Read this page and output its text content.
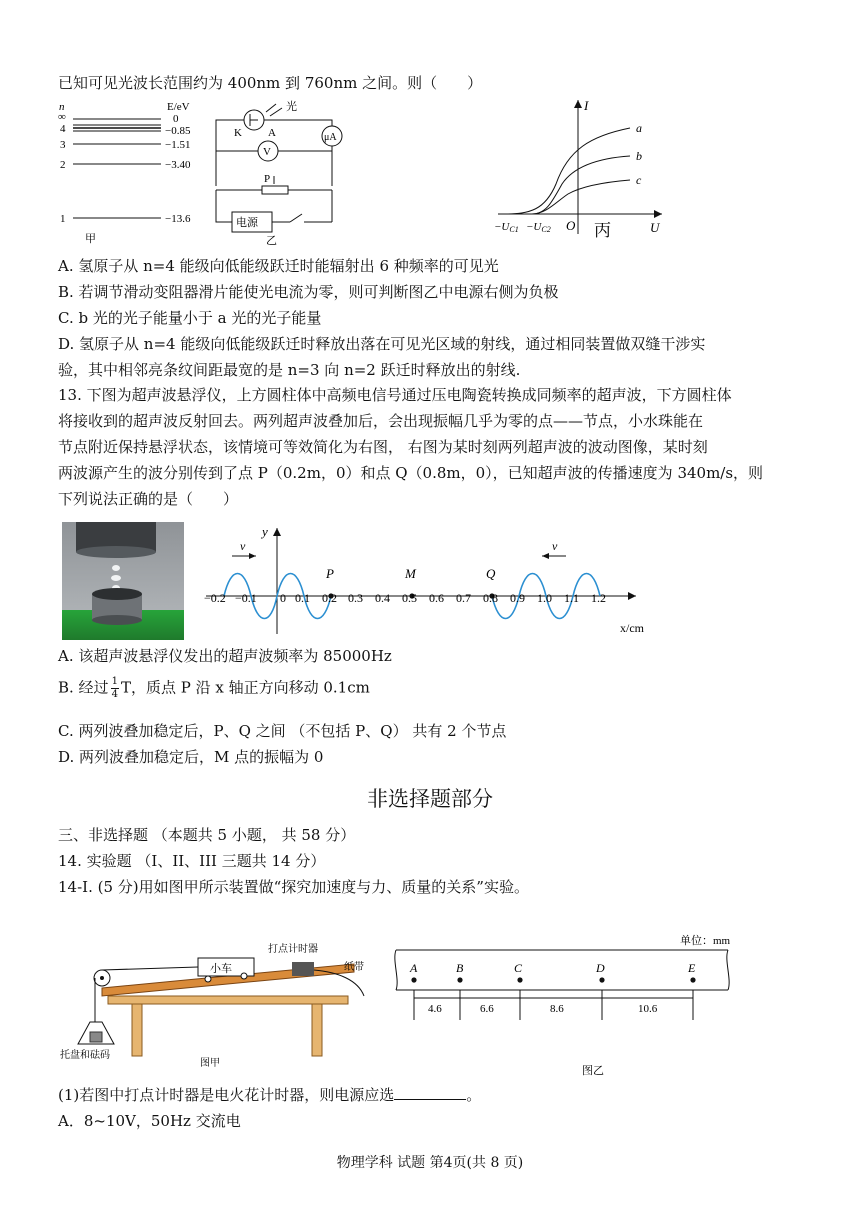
已知可见光波长范围约为 400nm 到 760nm 之间。则（　　）
n	E/eV
∞	0
4	−0.85
3	−1.51
2	−3.40
1	−13.6
甲
光
K A	μA
V
P
电源
乙
I
U
O
a
b
c
−UC1 −UC2	丙
A. 氢原子从 n=4 能级向低能级跃迁时能辐射出 6 种频率的可见光
B. 若调节滑动变阻器滑片能使光电流为零，则可判断图乙中电源右侧为负极
C. b 光的光子能量小于 a 光的光子能量
D. 氢原子从 n=4 能级向低能级跃迁时释放出落在可见光区域的射线，通过相同装置做双缝干涉实
验，其中相邻亮条纹间距最宽的是 n=3 向 n=2 跃迁时释放出的射线.
13. 下图为超声波悬浮仪，上方圆柱体中高频电信号通过压电陶瓷转换成同频率的超声波，下方圆柱体
将接收到的超声波反射回去。两列超声波叠加后，会出现振幅几乎为零的点——节点，小水珠能在
节点附近保持悬浮状态，该情境可等效简化为右图， 右图为某时刻两列超声波的波动图像，某时刻
两波源产生的波分别传到了点 P（0.2m，0）和点 Q（0.8m，0），已知超声波的传播速度为 340m/s，则
下列说法正确的是（　　）
y
x/cm
v	v
P	M	Q
−0.2 −0.1 0 0.1 0.2 0.3 0.4 0.5 0.6 0.7 0.8 0.9 1.0 1.1 1.2
A. 该超声波悬浮仪发出的超声波频率为 85000Hz
B. 经过 $\frac{1}{4}$ T，质点 P 沿 x 轴正方向移动 0.1cm
C. 两列波叠加稳定后，P、Q 之间 （不包括 P、Q） 共有 2 个节点
D. 两列波叠加稳定后，M 点的振幅为 0
非选择题部分
三、非选择题 （本题共 5 小题， 共 58 分）
14. 实验题 （I、II、III 三题共 14 分）
14-I. (5 分)用如图甲所示装置做“探究加速度与力、质量的关系”实验。
小车
打点计时器
托盘和砝码
纸带
图甲
单位：mm
A	B	C	D	E
4.6	6.6	8.6	10.6
图乙
(1)若图中打点计时器是电火花计时器，则电源应选	。
A．8~10V，50Hz 交流电
物理学科 试题 第4页(共 8 页)
